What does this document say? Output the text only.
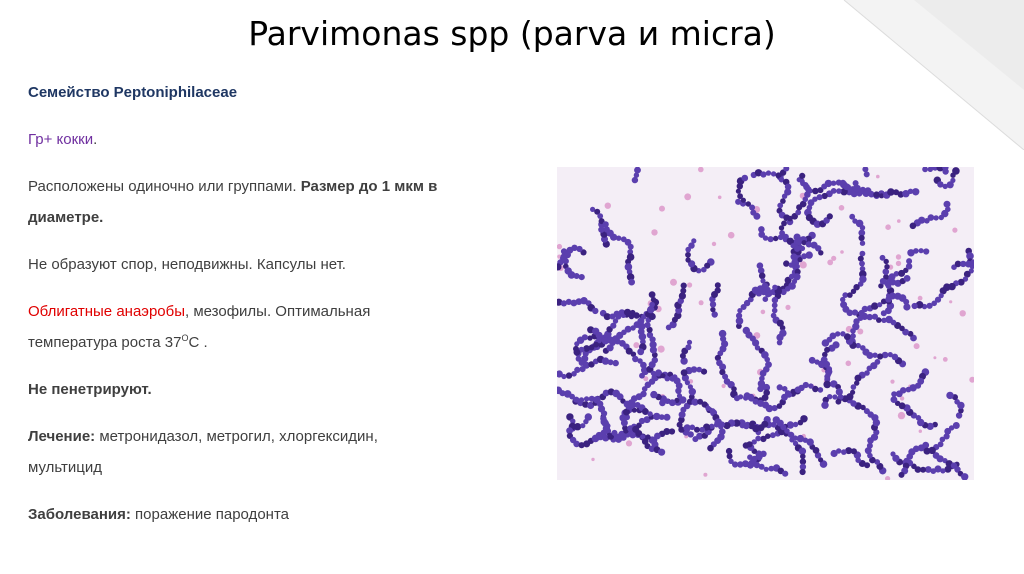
Parvimonas spp (parva и micra)

Семейство Peptoniphilaceae

Гр+ кокки.

Расположены одиночно или группами. Размер до 1 мкм в

диаметре.

Не образуют спор, неподвижны. Капсулы нет.

Облигатные анаэробы, мезофилы. Оптимальная

температура роста $37^ОС$ .

Не пенетрируют.

Лечение: метронидазол, метрогил, хлоргексидин,

мультицид

Заболевания: поражение пародонта
